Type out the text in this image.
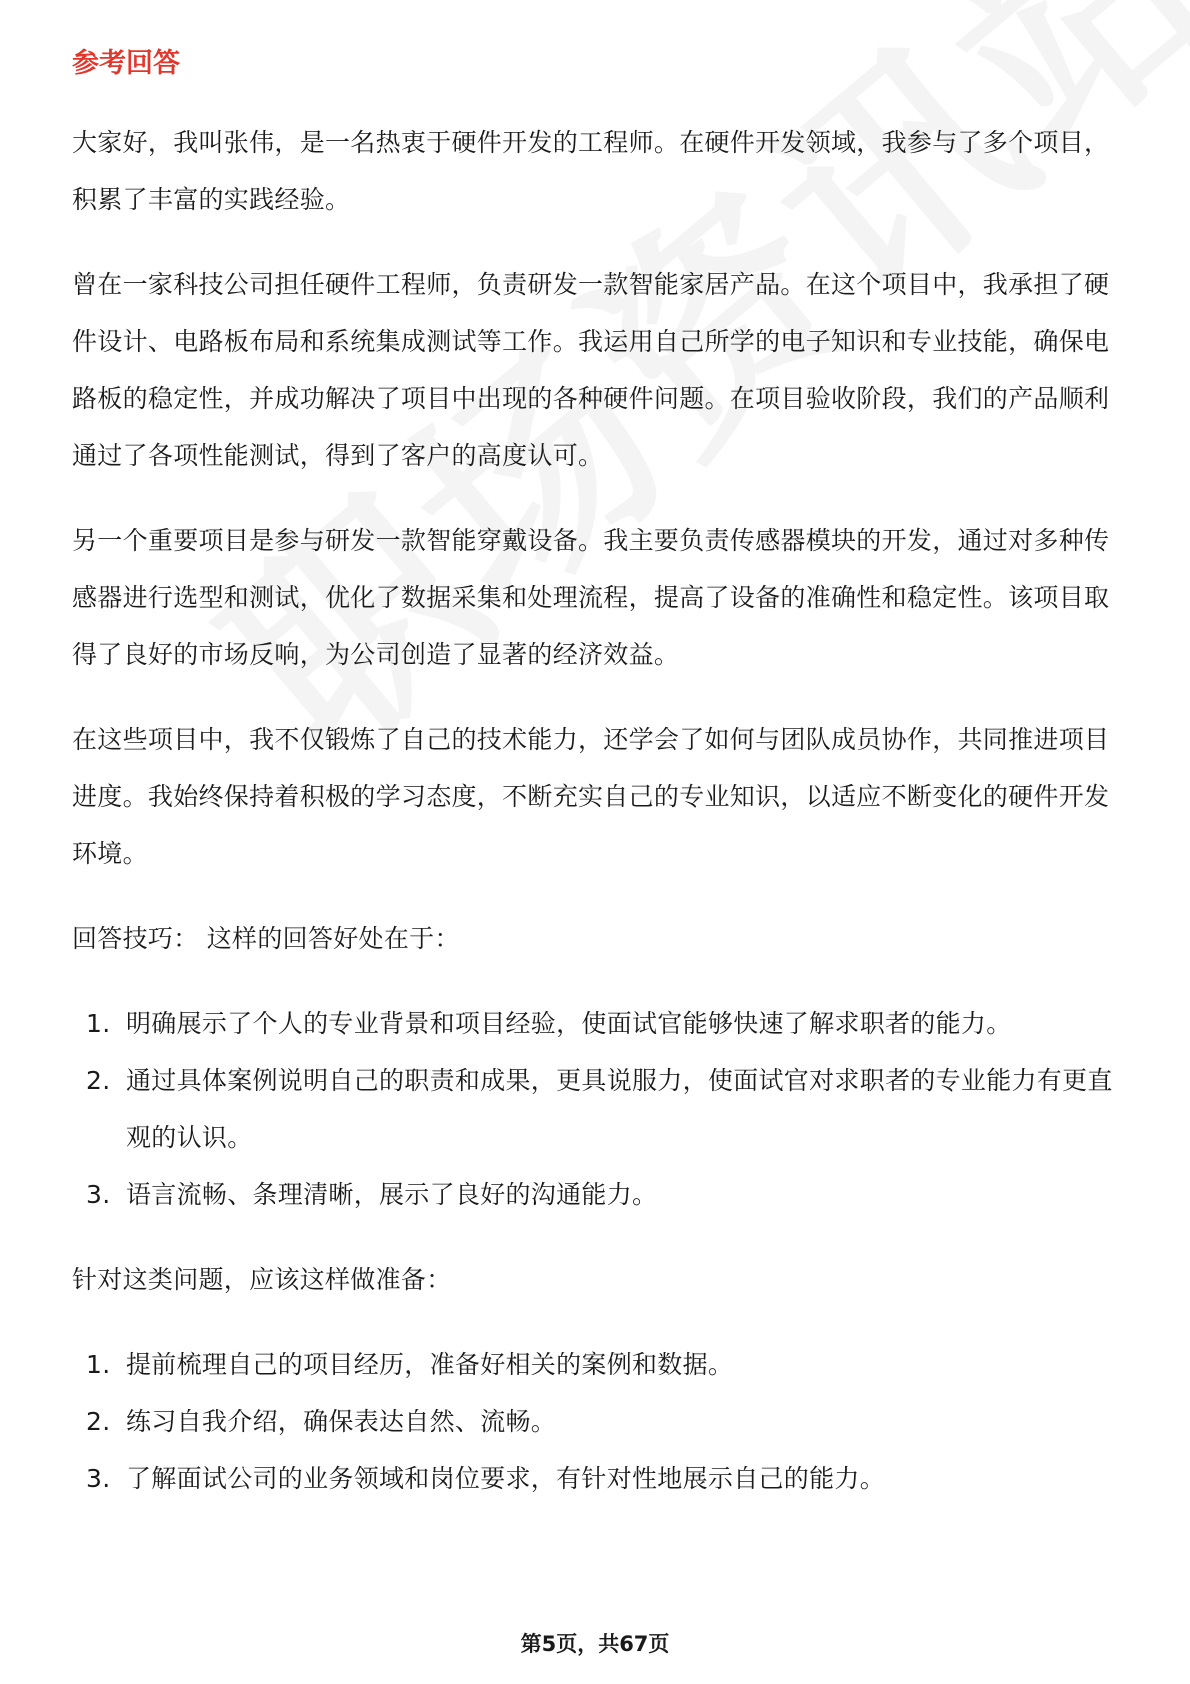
参考回答

大家好，我叫张伟，是一名热衷于硬件开发的工程师。在硬件开发领域，我参与了多个项目，积累了丰富的实践经验。

曾在一家科技公司担任硬件工程师，负责研发一款智能家居产品。在这个项目中，我承担了硬件设计、电路板布局和系统集成测试等工作。我运用自己所学的电子知识和专业技能，确保电路板的稳定性，并成功解决了项目中出现的各种硬件问题。在项目验收阶段，我们的产品顺利通过了各项性能测试，得到了客户的高度认可。

另一个重要项目是参与研发一款智能穿戴设备。我主要负责传感器模块的开发，通过对多种传感器进行选型和测试，优化了数据采集和处理流程，提高了设备的准确性和稳定性。该项目取得了良好的市场反响，为公司创造了显著的经济效益。

在这些项目中，我不仅锻炼了自己的技术能力，还学会了如何与团队成员协作，共同推进项目进度。我始终保持着积极的学习态度，不断充实自己的专业知识，以适应不断变化的硬件开发环境。

回答技巧： 这样的回答好处在于：

1. 明确展示了个人的专业背景和项目经验，使面试官能够快速了解求职者的能力。
2. 通过具体案例说明自己的职责和成果，更具说服力，使面试官对求职者的专业能力有更直观的认识。
3. 语言流畅、条理清晰，展示了良好的沟通能力。

针对这类问题，应该这样做准备：

1. 提前梳理自己的项目经历，准备好相关的案例和数据。
2. 练习自我介绍，确保表达自然、流畅。
3. 了解面试公司的业务领域和岗位要求，有针对性地展示自己的能力。
第5页，共67页
